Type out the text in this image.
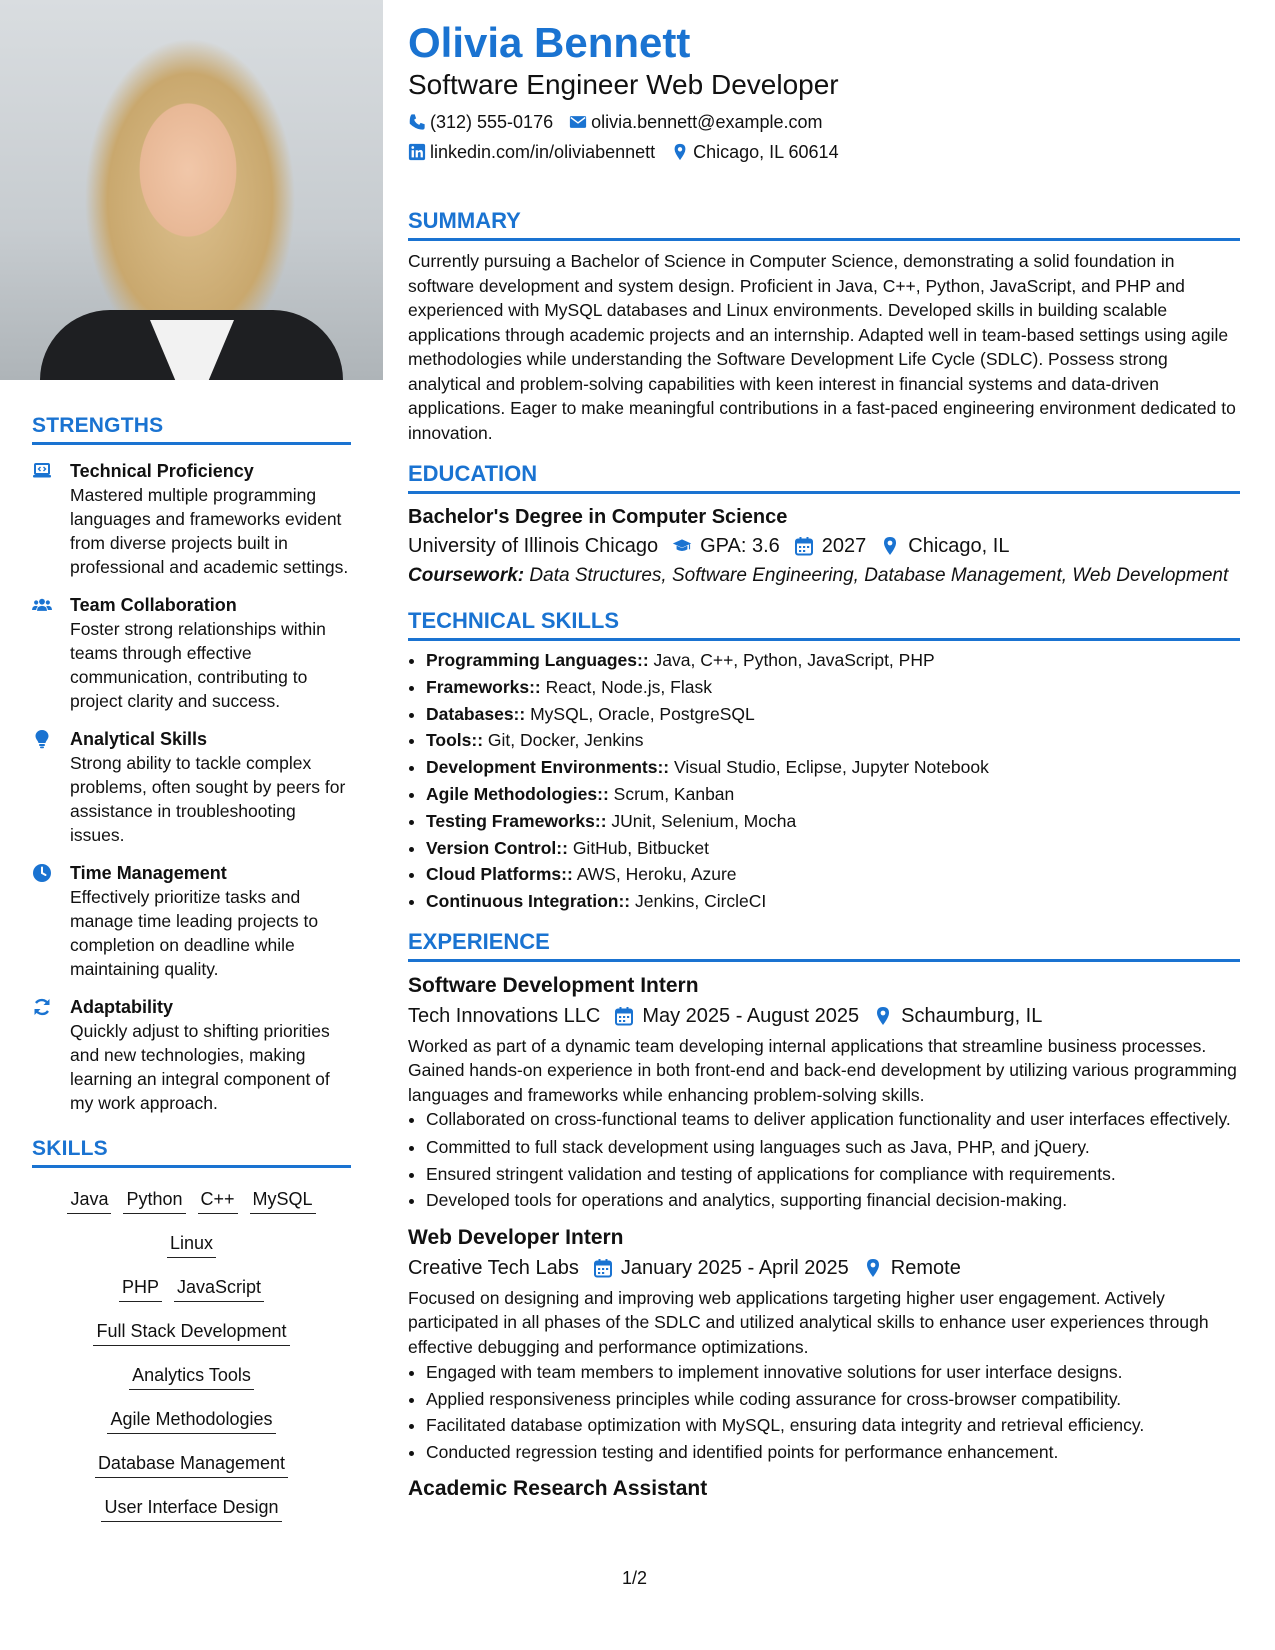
STRENGTHS
Technical Proficiency
Mastered multiple programming languages and frameworks evident from diverse projects built in professional and academic settings.
Team Collaboration
Foster strong relationships within teams through effective communication, contributing to project clarity and success.
Analytical Skills
Strong ability to tackle complex problems, often sought by peers for assistance in troubleshooting issues.
Time Management
Effectively prioritize tasks and manage time leading projects to completion on deadline while maintaining quality.
Adaptability
Quickly adjust to shifting priorities and new technologies, making learning an integral component of my work approach.
SKILLS
Java Python C++ MySQLLinux
PHP JavaScript
Full Stack Development
Analytics Tools
Agile Methodologies
Database Management
User Interface Design
Olivia Bennett
Software Engineer Web Developer
(312) 555-0176 olivia.bennett@example.com
linkedin.com/in/oliviabennett Chicago, IL 60614
SUMMARY

Currently pursuing a Bachelor of Science in Computer Science, demonstrating a solid foundation in software development and system design. Proficient in Java, C++, Python, JavaScript, and PHP and experienced with MySQL databases and Linux environments. Developed skills in building scalable applications through academic projects and an internship. Adapted well in team-based settings using agile methodologies while understanding the Software Development Life Cycle (SDLC). Possess strong analytical and problem-solving capabilities with keen interest in financial systems and data-driven applications. Eager to make meaningful contributions in a fast-paced engineering environment dedicated to innovation.

EDUCATION
Bachelor's Degree in Computer Science
University of Illinois Chicago GPA: 3.6 2027 Chicago, IL
Coursework: Data Structures, Software Engineering, Database Management, Web Development
TECHNICAL SKILLS
• Programming Languages:: Java, C++, Python, JavaScript, PHP
• Frameworks:: React, Node.js, Flask
• Databases:: MySQL, Oracle, PostgreSQL
• Tools:: Git, Docker, Jenkins
• Development Environments:: Visual Studio, Eclipse, Jupyter Notebook
• Agile Methodologies:: Scrum, Kanban
• Testing Frameworks:: JUnit, Selenium, Mocha
• Version Control:: GitHub, Bitbucket
• Cloud Platforms:: AWS, Heroku, Azure
• Continuous Integration:: Jenkins, CircleCI
EXPERIENCE
Software Development Intern
Tech Innovations LLC May 2025 - August 2025 Schaumburg, IL

Worked as part of a dynamic team developing internal applications that streamline business processes. Gained hands-on experience in both front-end and back-end development by utilizing various programming languages and frameworks while enhancing problem-solving skills.

• Collaborated on cross-functional teams to deliver application functionality and user interfaces effectively.
• Committed to full stack development using languages such as Java, PHP, and jQuery.
• Ensured stringent validation and testing of applications for compliance with requirements.
• Developed tools for operations and analytics, supporting financial decision-making.
Web Developer Intern
Creative Tech Labs January 2025 - April 2025 Remote

Focused on designing and improving web applications targeting higher user engagement. Actively participated in all phases of the SDLC and utilized analytical skills to enhance user experiences through effective debugging and performance optimizations.

• Engaged with team members to implement innovative solutions for user interface designs.
• Applied responsiveness principles while coding assurance for cross-browser compatibility.
• Facilitated database optimization with MySQL, ensuring data integrity and retrieval efficiency.
• Conducted regression testing and identified points for performance enhancement.
Academic Research Assistant
1/2
